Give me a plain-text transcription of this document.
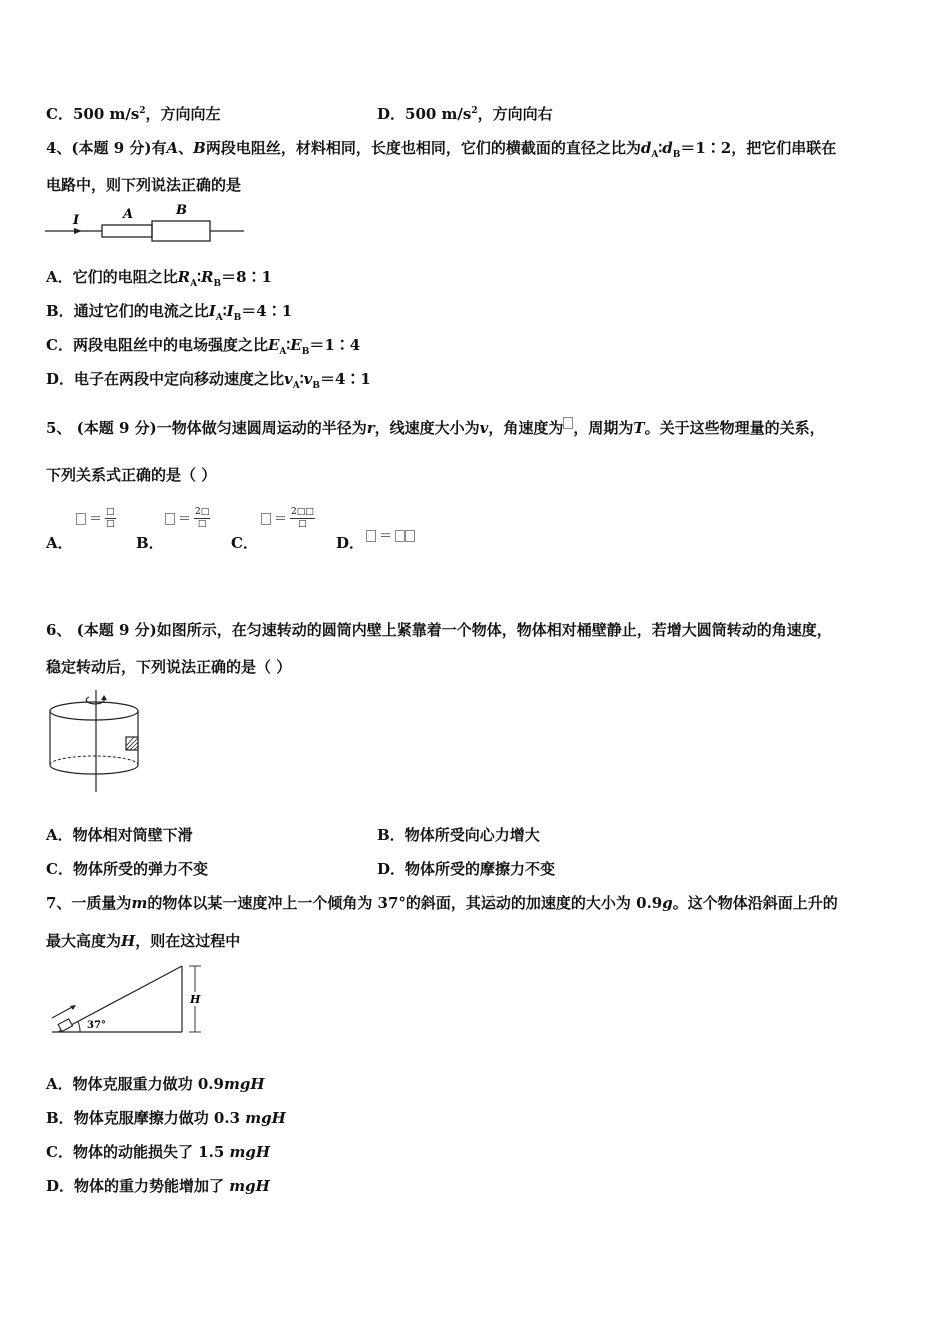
C．500 $m/s^2$，方向向左	D．500 $m/s^2$，方向向右
4、(本题 9 分)有A、B两段电阻丝，材料相同，长度也相同，它们的横截面的直径之比为$d_A∶d_B=1∶2$，把它们串联在
电路中，则下列说法正确的是
I	A	B
A．它们的电阻之比$R_A∶R_B=8∶1$
B．通过它们的电流之比$I_A∶I_B=4∶1$
C．两段电阻丝中的电场强度之比$E_A∶E_B=1∶4$
D．电子在两段中定向移动速度之比$v_A∶v_B=4∶1$
5、 (本题 9 分)一物体做匀速圆周运动的半径为r，线速度大小为v，角速度为 ，周期为T。关于这些物理量的关系，
下列关系式正确的是（ ）
A．
＝ $\frac{□}{□}$
B．
＝ $\frac{2□}{□}$
C．
＝ $\frac{2□□}{□}$
D．	＝
6、 (本题 9 分)如图所示，在匀速转动的圆筒内壁上紧靠着一个物体，物体相对桶壁静止，若增大圆筒转动的角速度，
稳定转动后，下列说法正确的是（ ）
A．物体相对筒壁下滑	B．物体所受向心力增大
C．物体所受的弹力不变	D．物体所受的摩擦力不变
7、一质量为m的物体以某一速度冲上一个倾角为 37°的斜面，其运动的加速度的大小为 0.9g。这个物体沿斜面上升的
最大高度为H，则在这过程中
37°
H
A．物体克服重力做功 0.9mgH
B．物体克服摩擦力做功 0.3 mgH
C．物体的动能损失了 1.5 mgH
D．物体的重力势能增加了 mgH
